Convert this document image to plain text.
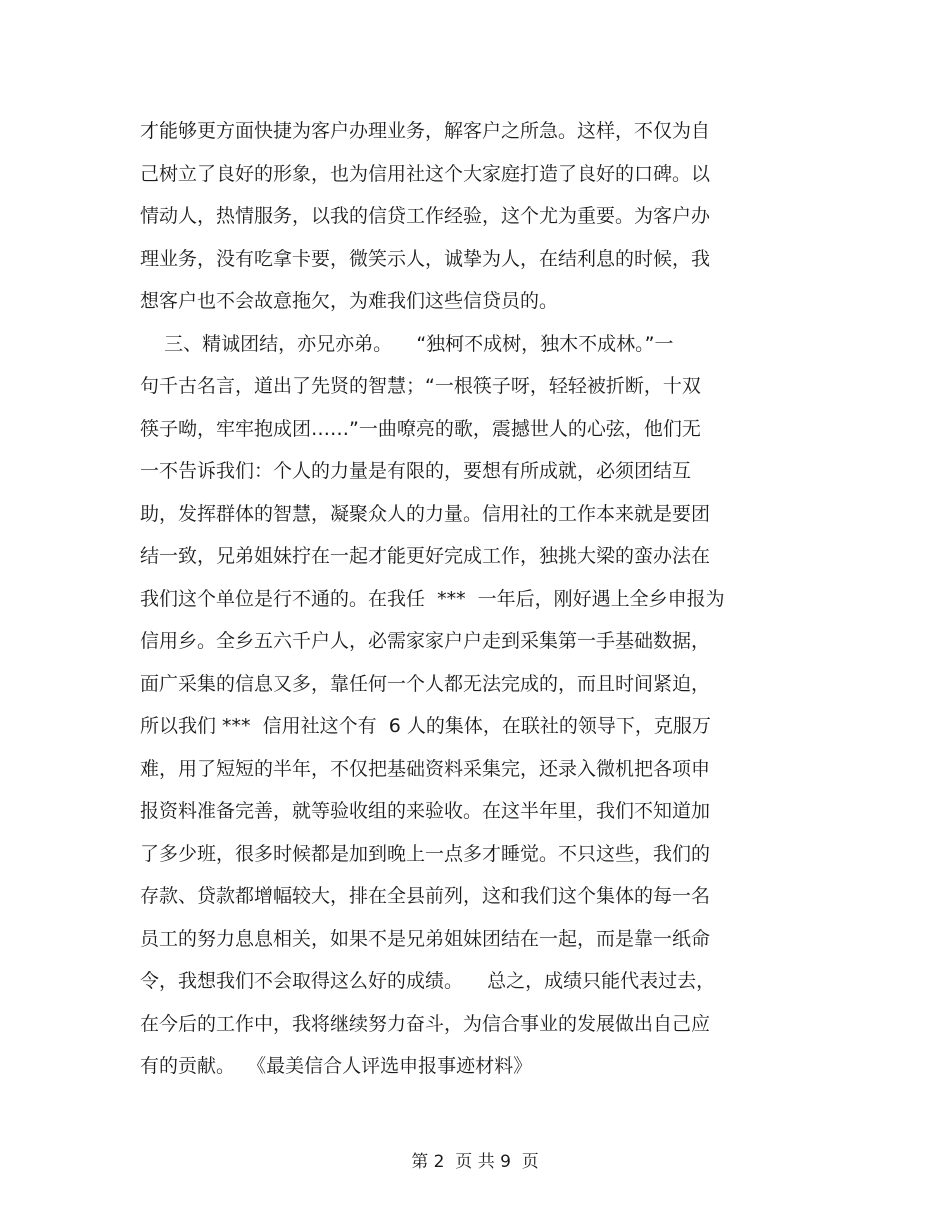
才能够更方面快捷为客户办理业务，解客户之所急。这样，不仅为自
己树立了良好的形象，也为信用社这个大家庭打造了良好的口碑。以
情动人，热情服务，以我的信贷工作经验，这个尤为重要。为客户办
理业务，没有吃拿卡要，微笑示人，诚挚为人，在结利息的时候，我
想客户也不会故意拖欠，为难我们这些信贷员的。
三、精诚团结，亦兄亦弟。    “独柯不成树，独木不成林。”一
句千古名言，道出了先贤的智慧；“一根筷子呀，轻轻被折断，十双
筷子呦，牢牢抱成团……”一曲嘹亮的歌，震撼世人的心弦，他们无
一不告诉我们：个人的力量是有限的，要想有所成就，必须团结互
助，发挥群体的智慧，凝聚众人的力量。信用社的工作本来就是要团
结一致，兄弟姐妹拧在一起才能更好完成工作，独挑大梁的蛮办法在
我们这个单位是行不通的。在我任  ***  一年后，刚好遇上全乡申报为
信用乡。全乡五六千户人，必需家家户户走到采集第一手基础数据，
面广采集的信息又多，靠任何一个人都无法完成的，而且时间紧迫，
所以我们 ***  信用社这个有  6 人的集体，在联社的领导下，克服万
难，用了短短的半年，不仅把基础资料采集完，还录入微机把各项申
报资料准备完善，就等验收组的来验收。在这半年里，我们不知道加
了多少班，很多时候都是加到晚上一点多才睡觉。不只这些，我们的
存款、贷款都增幅较大，排在全县前列，这和我们这个集体的每一名
员工的努力息息相关，如果不是兄弟姐妹团结在一起，而是靠一纸命
令，我想我们不会取得这么好的成绩。    总之，成绩只能代表过去，
在今后的工作中，我将继续努力奋斗，为信合事业的发展做出自己应
有的贡献。  《最美信合人评选申报事迹材料》
第 2  页 共 9  页
